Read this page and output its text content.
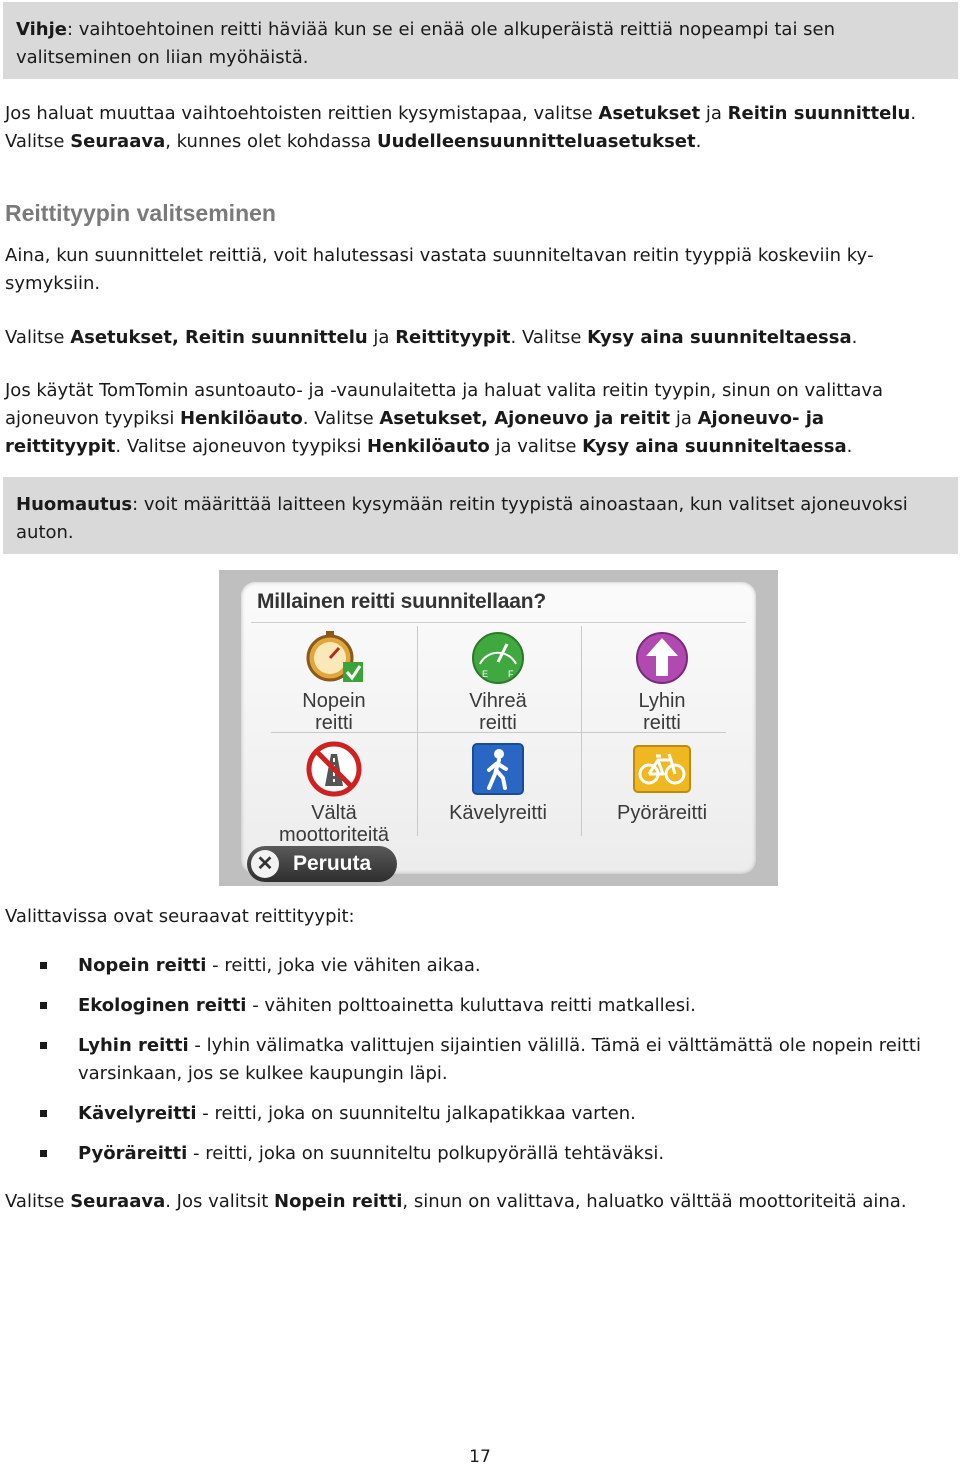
Vihje: vaihtoehtoinen reitti häviää kun se ei enää ole alkuperäistä reittiä nopeampi tai sen valitseminen on liian myöhäistä.

Jos haluat muuttaa vaihtoehtoisten reittien kysymistapaa, valitse Asetukset ja Reitin suunnittelu. Valitse Seuraava, kunnes olet kohdassa Uudelleensuunnitteluasetukset.

Reittityypin valitseminen

Aina, kun suunnittelet reittiä, voit halutessasi vastata suunniteltavan reitin tyyppiä koskeviin kysymyksiin.

Valitse Asetukset, Reitin suunnittelu ja Reittityypit. Valitse Kysy aina suunniteltaessa.

Jos käytät TomTomin asuntoauto- ja -vaunulaitetta ja haluat valita reitin tyypin, sinun on valittava ajoneuvon tyypiksi Henkilöauto. Valitse Asetukset, Ajoneuvo ja reitit ja Ajoneuvo- ja reittityypit. Valitse ajoneuvon tyypiksi Henkilöauto ja valitse Kysy aina suunniteltaessa.

Huomautus: voit määrittää laitteen kysymään reitin tyypistä ainoastaan, kun valitset ajoneuvoksi auton.
Millainen reitti suunnitellaan?
Nopein
reitti
E F
Vihreä
reitti
Lyhin
reitti
Vältä
moottoriteitä
Kävelyreitti	Pyöräreitti
✕ Peruuta

Valittavissa ovat seuraavat reittityypit:

Nopein reitti - reitti, joka vie vähiten aikaa.
Ekologinen reitti - vähiten polttoainetta kuluttava reitti matkallesi.
Lyhin reitti - lyhin välimatka valittujen sijaintien välillä. Tämä ei välttämättä ole nopein reitti varsinkaan, jos se kulkee kaupungin läpi.
Kävelyreitti - reitti, joka on suunniteltu jalkapatikkaa varten.
Pyöräreitti - reitti, joka on suunniteltu polkupyörällä tehtäväksi.

Valitse Seuraava. Jos valitsit Nopein reitti, sinun on valittava, haluatko välttää moottoriteitä aina.

17
